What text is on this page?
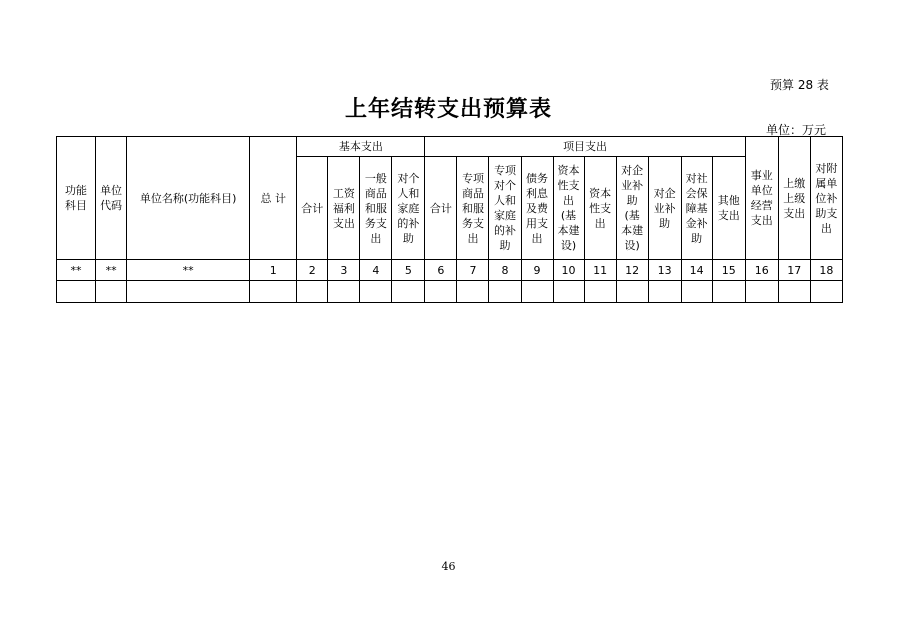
预算 28 表
上年结转支出预算表
单位：万元
功能科目	单位代码	单位名称(功能科目)	总 计	基本支出				项目支出										事业单位经营支出	上缴上级支出	对附属单位补助支出
				合计	工资福利支出	一般商品和服务支出	对个人和家庭的补助	合计	专项商品和服务支出	专项对个人和家庭的补助	债务利息及费用支出	资本性支出(基本建设)	资本性支出	对企业补助(基本建设)	对企业补助	对社会保障基金补助	其他支出			
**	**	**	1	2	3	4	5	6	7	8	9	10	11	12	13	14	15	16	17	18

46
